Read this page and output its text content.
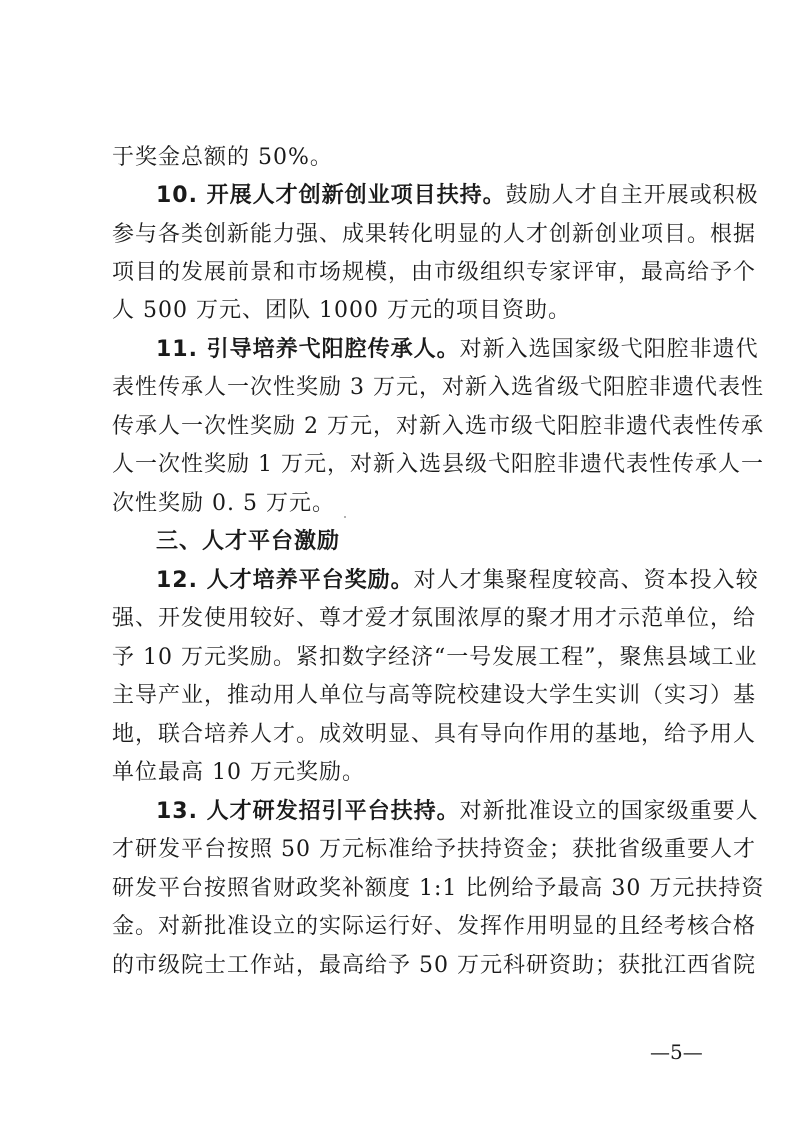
于奖金总额的 50%。
10. 开展人才创新创业项目扶持。鼓励人才自主开展或积极
参与各类创新能力强、成果转化明显的人才创新创业项目。根据
项目的发展前景和市场规模，由市级组织专家评审，最高给予个
人 500 万元、团队 1000 万元的项目资助。
11. 引导培养弋阳腔传承人。对新入选国家级弋阳腔非遗代
表性传承人一次性奖励 3 万元，对新入选省级弋阳腔非遗代表性
传承人一次性奖励 2 万元，对新入选市级弋阳腔非遗代表性传承
人一次性奖励 1 万元，对新入选县级弋阳腔非遗代表性传承人一
次性奖励 0. 5 万元。
三、人才平台激励
12. 人才培养平台奖励。对人才集聚程度较高、资本投入较
强、开发使用较好、尊才爱才氛围浓厚的聚才用才示范单位，给
予 10 万元奖励。紧扣数字经济“一号发展工程”，聚焦县域工业
主导产业，推动用人单位与高等院校建设大学生实训（实习）基
地，联合培养人才。成效明显、具有导向作用的基地，给予用人
单位最高 10 万元奖励。
13. 人才研发招引平台扶持。对新批准设立的国家级重要人
才研发平台按照 50 万元标准给予扶持资金；获批省级重要人才
研发平台按照省财政奖补额度 1:1 比例给予最高 30 万元扶持资
金。对新批准设立的实际运行好、发挥作用明显的且经考核合格
的市级院士工作站，最高给予 50 万元科研资助；获批江西省院
—5—
